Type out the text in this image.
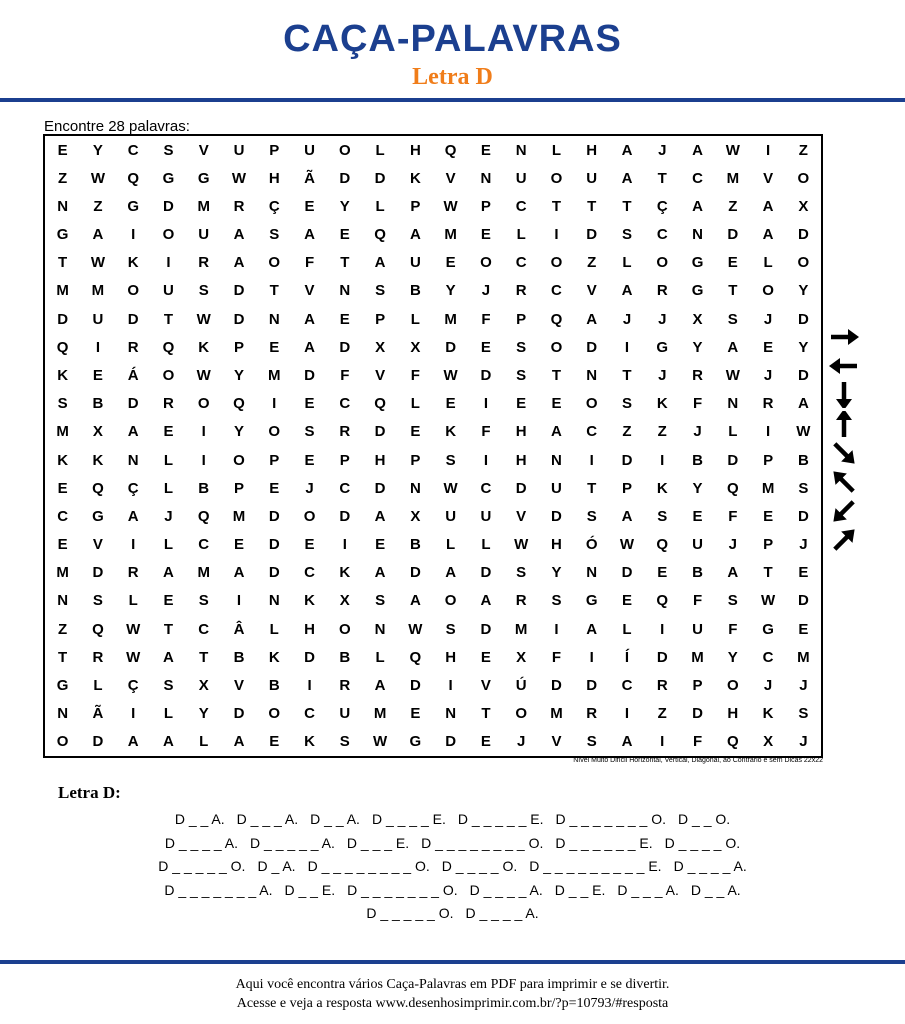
CAÇA-PALAVRAS
Letra D
Encontre 28 palavras:
E	Y	C	S	V	U	P	U	O	L	H	Q	E	N	L	H	A	J	A	W	I	Z
Z	W	Q	G	G	W	H	Ã	D	D	K	V	N	U	O	U	A	T	C	M	V	O
N	Z	G	D	M	R	Ç	E	Y	L	P	W	P	C	T	T	T	Ç	A	Z	A	X
G	A	I	O	U	A	S	A	E	Q	A	M	E	L	I	D	S	C	N	D	A	D
T	W	K	I	R	A	O	F	T	A	U	E	O	C	O	Z	L	O	G	E	L	O
M	M	O	U	S	D	T	V	N	S	B	Y	J	R	C	V	A	R	G	T	O	Y
D	U	D	T	W	D	N	A	E	P	L	M	F	P	Q	A	J	J	X	S	J	D
Q	I	R	Q	K	P	E	A	D	X	X	D	E	S	O	D	I	G	Y	A	E	Y
K	E	Á	O	W	Y	M	D	F	V	F	W	D	S	T	N	T	J	R	W	J	D
S	B	D	R	O	Q	I	E	C	Q	L	E	I	E	E	O	S	K	F	N	R	A
M	X	A	E	I	Y	O	S	R	D	E	K	F	H	A	C	Z	Z	J	L	I	W
K	K	N	L	I	O	P	E	P	H	P	S	I	H	N	I	D	I	B	D	P	B
E	Q	Ç	L	B	P	E	J	C	D	N	W	C	D	U	T	P	K	Y	Q	M	S
C	G	A	J	Q	M	D	O	D	A	X	U	U	V	D	S	A	S	E	F	E	D
E	V	I	L	C	E	D	E	I	E	B	L	L	W	H	Ó	W	Q	U	J	P	J
M	D	R	A	M	A	D	C	K	A	D	A	D	S	Y	N	D	E	B	A	T	E
N	S	L	E	S	I	N	K	X	S	A	O	A	R	S	G	E	Q	F	S	W	D
Z	Q	W	T	C	Â	L	H	O	N	W	S	D	M	I	A	L	I	U	F	G	E
T	R	W	A	T	B	K	D	B	L	Q	H	E	X	F	I	Í	D	M	Y	C	M
G	L	Ç	S	X	V	B	I	R	A	D	I	V	Ú	D	D	C	R	P	O	J	J
N	Ã	I	L	Y	D	O	C	U	M	E	N	T	O	M	R	I	Z	D	H	K	S
O	D	A	A	L	A	E	K	S	W	G	D	E	J	V	S	A	I	F	Q	X	J
Nível Muito Difícil Horizontal, Vertical, Diagonal, ao Contrário e sem Dicas 22x22
Letra D:
D _ _ A. D _ _ _ A. D _ _ A. D _ _ _ _ E. D _ _ _ _ _ E. D _ _ _ _ _ _ _ O. D _ _ O.
D _ _ _ _ A. D _ _ _ _ _ A. D _ _ _ E. D _ _ _ _ _ _ _ _ O. D _ _ _ _ _ _ E. D _ _ _ _ O.
D _ _ _ _ _ O. D _ A. D _ _ _ _ _ _ _ _ O. D _ _ _ _ O. D _ _ _ _ _ _ _ _ _ E. D _ _ _ _ A.
D _ _ _ _ _ _ _ A. D _ _ E. D _ _ _ _ _ _ _ O. D _ _ _ _ A. D _ _ E. D _ _ _ A. D _ _ A.
D _ _ _ _ _ O. D _ _ _ _ A.
Aqui você encontra vários Caça-Palavras em PDF para imprimir e se divertir.
Acesse e veja a resposta www.desenhosimprimir.com.br/?p=10793/#resposta
